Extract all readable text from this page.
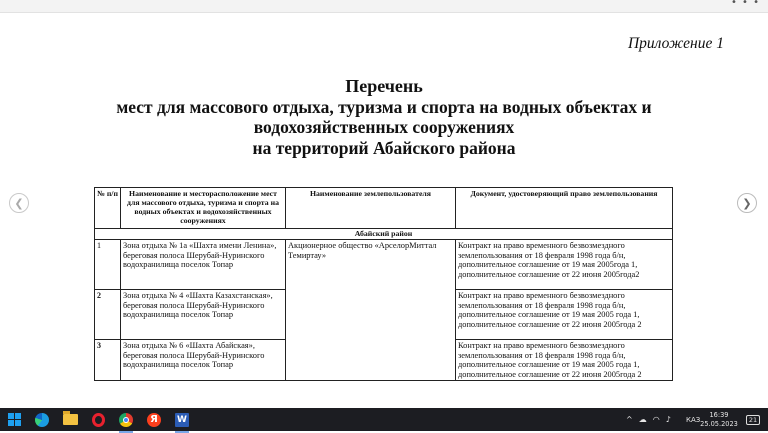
• • •
Приложение 1
Перечень
мест для массового отдыха, туризма и спорта на водных объектах и
водохозяйственных сооружениях
на территорий Абайского района
❮	❯
№ п/п	Наименование и месторасположение мест для массового отдыха, туризма и спорта на водных объектах и водохозяйственных сооружениях	Наименование землепользователя	Документ, удостоверяющий право землепользования
Абайский район			
1	Зона отдыха № 1а «Шахта имени Ленина», береговая полоса Шерубай-Нуринского водохранилища поселок Топар	Акционерное общество «АрселорМиттал Темиртау»	Контракт на право временного безвозмездного землепользования от 18 февраля 1998 года б/н, дополнительное соглашение от 19 мая 2005года 1, дополнительное соглашение от 22 июня 2005года2
2	Зона отдыха № 4 «Шахта Казахстанская», береговая полоса Шерубай-Нуринского водохранилища поселок Топар		Контракт на право временного безвозмездного землепользования от 18 февраля 1998 года б/н, дополнительное соглашение от 19 мая 2005 года 1, дополнительное соглашение от 22 июня 2005года 2
3	Зона отдыха № 6 «Шахта Абайская», береговая полоса Шерубай-Нуринского водохранилища поселок Топар		Контракт на право временного безвозмездного землепользования от 18 февраля 1998 года б/н, дополнительное соглашение от 19 мая 2005 года 1, дополнительное соглашение от 22 июня 2005года 2
Я	W	^ ☁ ◠ ♪ КАЗ
16:39
25.05.2023	21
